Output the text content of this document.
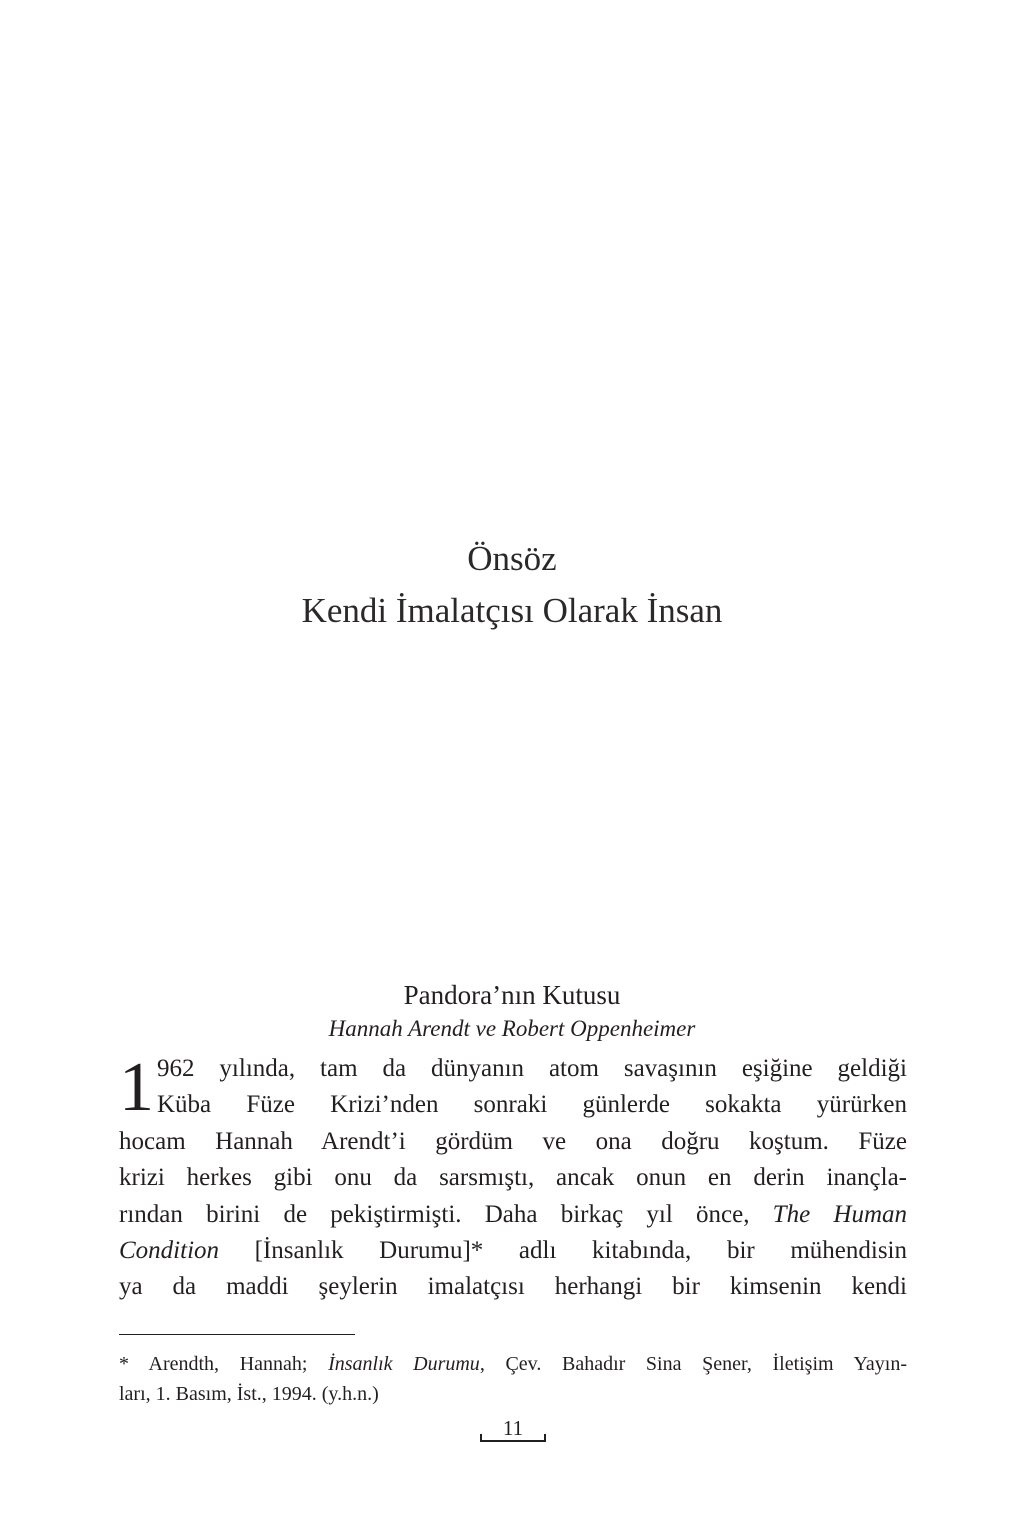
Önsöz
Kendi İmalatçısı Olarak İnsan
Pandora’nın Kutusu
Hannah Arendt ve Robert Oppenheimer
1 962 yılında, tam da dünyanın atom savaşının eşiğine geldiği
Küba Füze Krizi’nden sonraki günlerde sokakta yürürken
hocam Hannah Arendt’i gördüm ve ona doğru koştum. Füze
krizi herkes gibi onu da sarsmıştı, ancak onun en derin inançla-
rından birini de pekiştirmişti. Daha birkaç yıl önce, The Human
Condition [İnsanlık Durumu]* adlı kitabında, bir mühendisin
ya da maddi şeylerin imalatçısı herhangi bir kimsenin kendi
* Arendth, Hannah; İnsanlık Durumu, Çev. Bahadır Sina Şener, İletişim Yayın-
ları, 1. Basım, İst., 1994. (y.h.n.)
11
